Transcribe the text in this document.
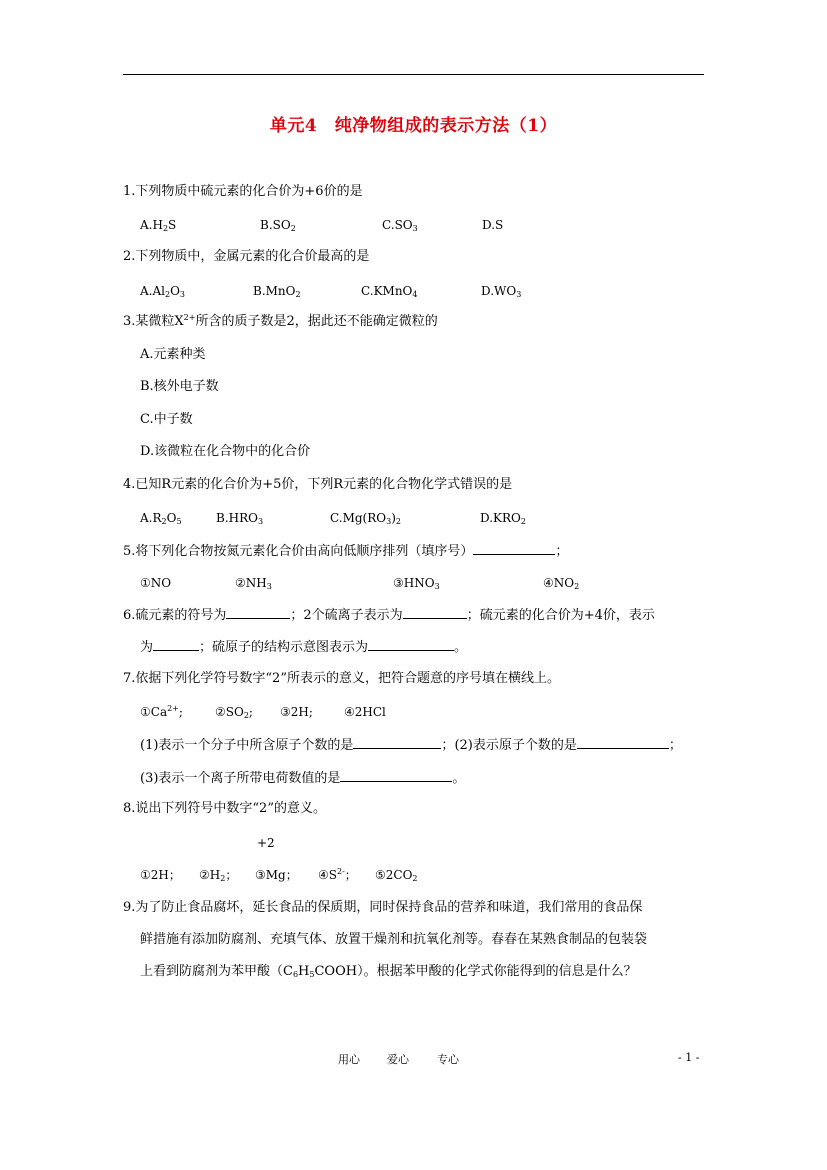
单元4　纯净物组成的表示方法（1）
1.下列物质中硫元素的化合价为+6价的是
$A.H_2S$	$B.SO_2$	$C.SO_3$	D.S
2.下列物质中，金属元素的化合价最高的是
$A.Al_2O_3$	B.MnO$_2$	C.KMnO$_4$	$D.WO_3$
3.某微粒$X^{2+}$所含的质子数是2，据此还不能确定微粒的
A.元素种类
B.核外电子数
C.中子数
D.该微粒在化合物中的化合价
4.已知R元素的化合价为+5价，下列R元素的化合物化学式错误的是
$A.R_2O_5$	$B.HRO_3$	$C.Mg(RO_3)_2$	$D.KRO_2$
5.将下列化合物按氮元素化合价由高向低顺序排列（填序号）	；
①NO	$②NH_3$	$③HNO_3$	$④NO_2$
6.硫元素的符号为	；2个硫离子表示为	；硫元素的化合价为+4价，表示
为	；硫原子的结构示意图表示为	。
7.依据下列化学符号数字“2”所表示的意义，把符合题意的序号填在横线上。
$①Ca^{2+}$;	$②SO_2$; ③2H;	④2HCl
(1)表示一个分子中所含原子个数的是	；(2)表示原子个数的是	；
(3)表示一个离子所带电荷数值的是	。
8.说出下列符号中数字“2”的意义。
+2
①2H； $②H_2$； ③Mg； $④S^{2-}$； $⑤2CO_2$
9.为了防止食品腐坏，延长食品的保质期，同时保持食品的营养和味道，我们常用的食品保
鲜措施有添加防腐剂、充填气体、放置干燥剂和抗氧化剂等。春春在某熟食制品的包装袋
上看到防腐剂为苯甲酸$(C_6H_5COOH)$。根据苯甲酸的化学式你能得到的信息是什么？
用心 爱心	专心	- 1 -
